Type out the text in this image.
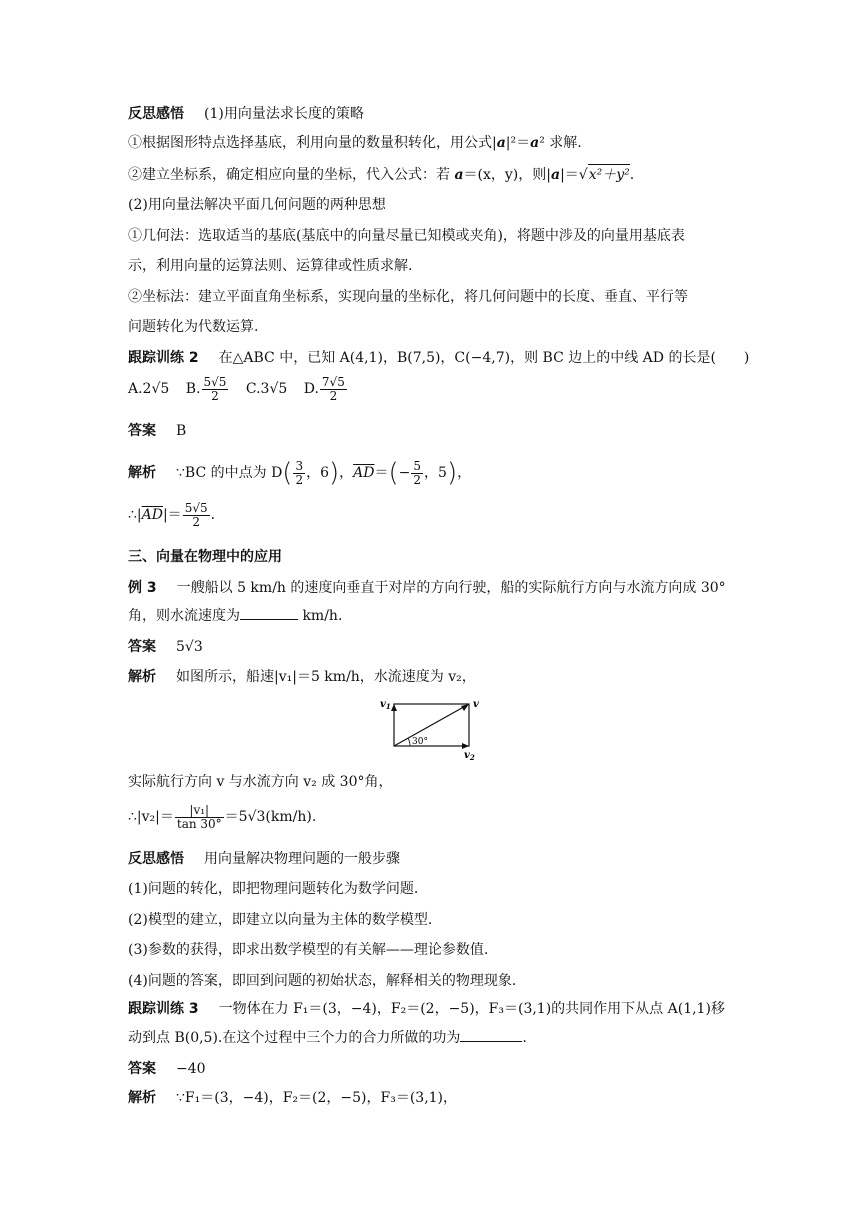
反思感悟 (1)用向量法求长度的策略
①根据图形特点选择基底，利用向量的数量积转化，用公式|a|²＝a² 求解.
②建立坐标系，确定相应向量的坐标，代入公式：若 a＝(x，y)，则|a|＝√x²＋y².
(2)用向量法解决平面几何问题的两种思想
①几何法：选取适当的基底(基底中的向量尽量已知模或夹角)，将题中涉及的向量用基底表
示，利用向量的运算法则、运算律或性质求解.
②坐标法：建立平面直角坐标系，实现向量的坐标化，将几何问题中的长度、垂直、平行等
问题转化为代数运算.
跟踪训练 2 在△ABC 中，已知 A(4,1)，B(7,5)，C(−4,7)，则 BC 边上的中线 AD 的长是(　　)
A.2√5 B. $\frac{5√5}{2} C.3√5$ D. $\frac{7√5}{2}$
答案 B
解析 ∵BC 的中点为 $D( \frac{3}{2}$ ，6)，$\overline{AD}=(- \frac{5}{2}$ ，5)，
$\therefore|\overline{AD}|= \frac{5√5}{2}$ .
三、向量在物理中的应用
例 3 一艘船以 5 km/h 的速度向垂直于对岸的方向行驶，船的实际航行方向与水流方向成 30°
角，则水流速度为	km/h.
答案 5√3
解析 如图所示，船速|v₁|＝5 km/h，水流速度为 v₂，
$v_1$	v
$v_2$
30°
实际航行方向 v 与水流方向 v₂ 成 30°角，
∴|v₂|＝ $\frac{\text{|v₁|}}{\tan 30^\circ} =5√3(km/h)$.
反思感悟 用向量解决物理问题的一般步骤
(1)问题的转化，即把物理问题转化为数学问题.
(2)模型的建立，即建立以向量为主体的数学模型.
(3)参数的获得，即求出数学模型的有关解——理论参数值.
(4)问题的答案，即回到问题的初始状态，解释相关的物理现象.
跟踪训练 3 一物体在力 F₁＝(3，−4)，F₂＝(2，−5)，F₃＝(3,1)的共同作用下从点 A(1,1)移
动到点 B(0,5).在这个过程中三个力的合力所做的功为	.
答案 −40
解析 ∵F₁＝(3，−4)，F₂＝(2，−5)，F₃＝(3,1)，
